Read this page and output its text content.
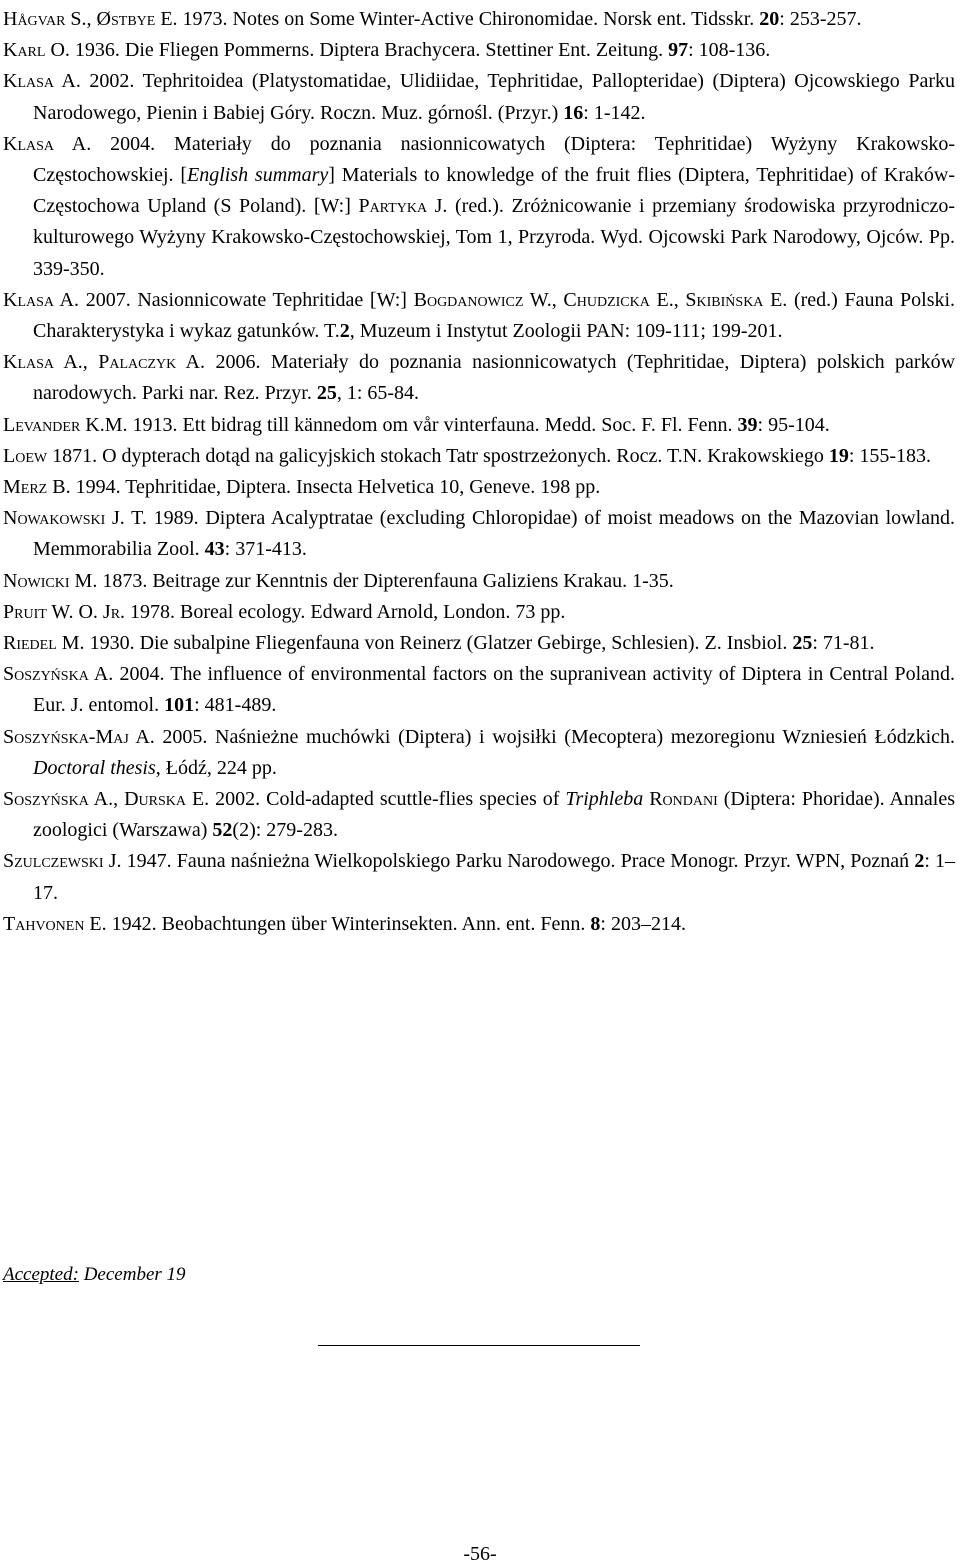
Hågvar S., Østbye E. 1973. Notes on Some Winter-Active Chironomidae. Norsk ent. Tidsskr. 20: 253-257.
Karl O. 1936. Die Fliegen Pommerns. Diptera Brachycera. Stettiner Ent. Zeitung. 97: 108-136.
Klasa A. 2002. Tephritoidea (Platystomatidae, Ulidiidae, Tephritidae, Pallopteridae) (Diptera) Ojcowskiego Parku Narodowego, Pienin i Babiej Góry. Roczn. Muz. górnośl. (Przyr.) 16: 1-142.
Klasa A. 2004. Materiały do poznania nasionnicowatych (Diptera: Tephritidae) Wyżyny Krakowsko-Częstochowskiej. [English summary] Materials to knowledge of the fruit flies (Diptera, Tephritidae) of Kraków-Częstochowa Upland (S Poland). [W:] Partyka J. (red.). Zróżnicowanie i przemiany środowiska przyrodniczo-kulturowego Wyżyny Krakowsko-Częstochowskiej, Tom 1, Przyroda. Wyd. Ojcowski Park Narodowy, Ojców. Pp. 339-350.
Klasa A. 2007. Nasionnicowate Tephritidae [W:] Bogdanowicz W., Chudzicka E., Skibińska E. (red.) Fauna Polski. Charakterystyka i wykaz gatunków. T.2, Muzeum i Instytut Zoologii PAN: 109-111; 199-201.
Klasa A., Palaczyk A. 2006. Materiały do poznania nasionnicowatych (Tephritidae, Diptera) polskich parków narodowych. Parki nar. Rez. Przyr. 25, 1: 65-84.
Levander K.M. 1913. Ett bidrag till kännedom om vår vinterfauna. Medd. Soc. F. Fl. Fenn. 39: 95-104.
Loew 1871. O dypterach dotąd na galicyjskich stokach Tatr spostrzeżonych. Rocz. T.N. Krakowskiego 19: 155-183.
Merz B. 1994. Tephritidae, Diptera. Insecta Helvetica 10, Geneve. 198 pp.
Nowakowski J. T. 1989. Diptera Acalyptratae (excluding Chloropidae) of moist meadows on the Mazovian lowland. Memmorabilia Zool. 43: 371-413.
Nowicki M. 1873. Beitrage zur Kenntnis der Dipterenfauna Galiziens Krakau. 1-35.
Pruit W. O. Jr. 1978. Boreal ecology. Edward Arnold, London. 73 pp.
Riedel M. 1930. Die subalpine Fliegenfauna von Reinerz (Glatzer Gebirge, Schlesien). Z. Insbiol. 25: 71-81.
Soszyńska A. 2004. The influence of environmental factors on the supranivean activity of Diptera in Central Poland. Eur. J. entomol. 101: 481-489.
Soszyńska-Maj A. 2005. Naśnieżne muchówki (Diptera) i wojsiłki (Mecoptera) mezoregionu Wzniesień Łódzkich. Doctoral thesis, Łódź, 224 pp.
Soszyńska A., Durska E. 2002. Cold-adapted scuttle-flies species of Triphleba Rondani (Diptera: Phoridae). Annales zoologici (Warszawa) 52(2): 279-283.
Szulczewski J. 1947. Fauna naśnieżna Wielkopolskiego Parku Narodowego. Prace Monogr. Przyr. WPN, Poznań 2: 1–17.
Tahvonen E. 1942. Beobachtungen über Winterinsekten. Ann. ent. Fenn. 8: 203–214.
Accepted: December 19
-56-
